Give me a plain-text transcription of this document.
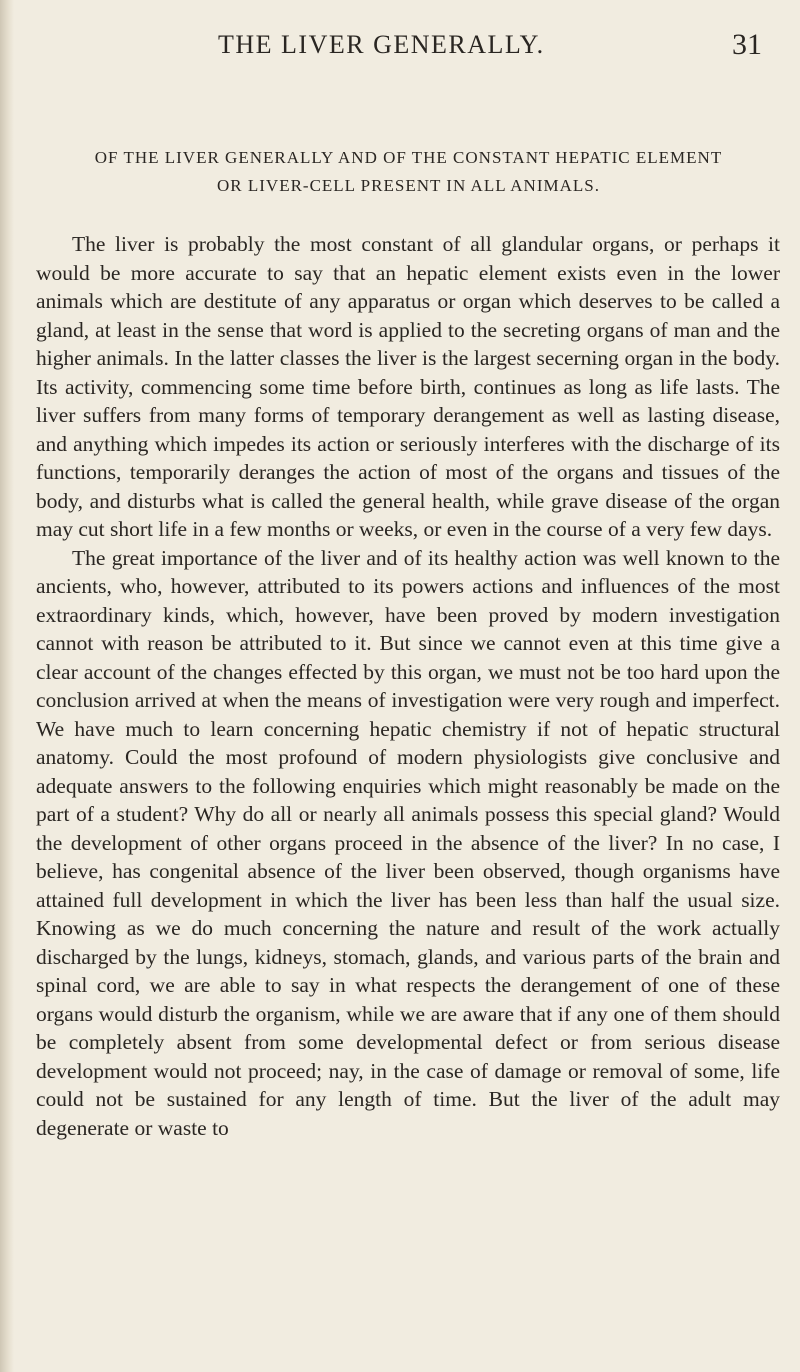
THE LIVER GENERALLY.	31
OF THE LIVER GENERALLY AND OF THE CONSTANT HEPATIC ELEMENT
OR LIVER-CELL PRESENT IN ALL ANIMALS.

The liver is probably the most constant of all glandular organs, or perhaps it would be more accurate to say that an hepatic element exists even in the lower animals which are destitute of any apparatus or organ which deserves to be called a gland, at least in the sense that word is applied to the secreting organs of man and the higher animals. In the latter classes the liver is the largest secerning organ in the body. Its activity, commencing some time before birth, continues as long as life lasts. The liver suffers from many forms of temporary derangement as well as lasting disease, and anything which impedes its action or seriously interferes with the discharge of its functions, temporarily deranges the action of most of the organs and tissues of the body, and disturbs what is called the general health, while grave disease of the organ may cut short life in a few months or weeks, or even in the course of a very few days.

The great importance of the liver and of its healthy action was well known to the ancients, who, however, attributed to its powers actions and influences of the most extraordinary kinds, which, however, have been proved by modern investigation cannot with reason be attributed to it. But since we cannot even at this time give a clear account of the changes effected by this organ, we must not be too hard upon the conclusion arrived at when the means of investigation were very rough and imperfect. We have much to learn concerning hepatic chemistry if not of hepatic structural anatomy. Could the most profound of modern physiologists give conclusive and adequate answers to the following enquiries which might reasonably be made on the part of a student? Why do all or nearly all animals possess this special gland? Would the development of other organs proceed in the absence of the liver? In no case, I believe, has congenital absence of the liver been observed, though organisms have attained full development in which the liver has been less than half the usual size. Knowing as we do much concerning the nature and result of the work actually discharged by the lungs, kidneys, stomach, glands, and various parts of the brain and spinal cord, we are able to say in what respects the derangement of one of these organs would disturb the organism, while we are aware that if any one of them should be completely absent from some developmental defect or from serious disease development would not proceed; nay, in the case of damage or removal of some, life could not be sustained for any length of time. But the liver of the adult may degenerate or waste to
